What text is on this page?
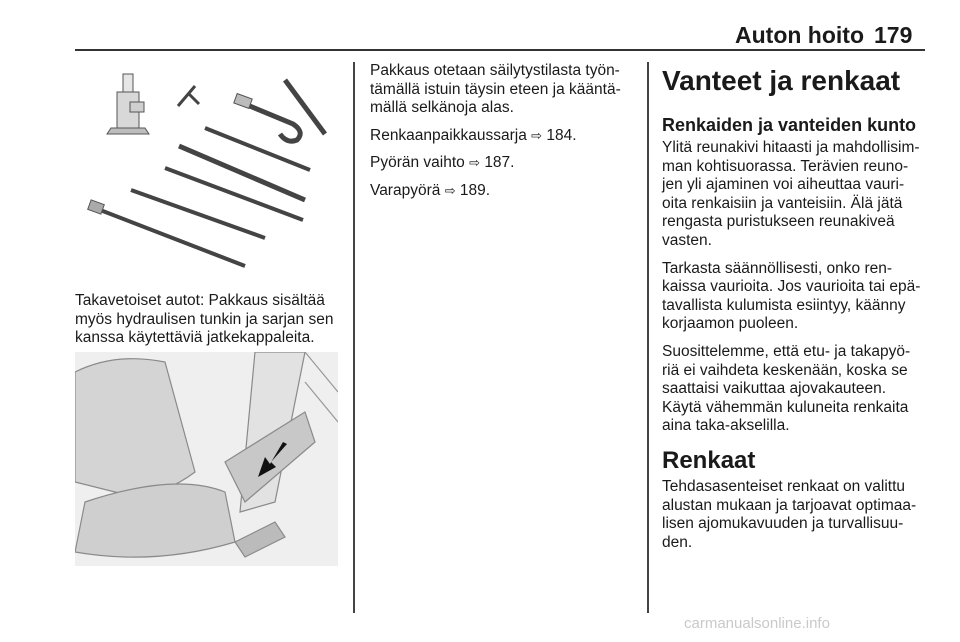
Auton hoito 179

Takavetoiset autot: Pakkaus sisältää myös hydraulisen tunkin ja sarjan sen kanssa käytettäviä jatkekappaleita.

Pakkaus otetaan säilytystilasta työn-tämällä istuin täysin eteen ja kääntä-mällä selkänoja alas.

Renkaanpaikkaussarja ⇨ 184.

Pyörän vaihto ⇨ 187.

Varapyörä ⇨ 189.

Vanteet ja renkaat
Renkaiden ja vanteiden kunto

Ylitä reunakivi hitaasti ja mahdollisim-man kohtisuorassa. Terävien reuno-jen yli ajaminen voi aiheuttaa vauri-oita renkaisiin ja vanteisiin. Älä jätä rengasta puristukseen reunakiveä vasten.

Tarkasta säännöllisesti, onko ren-kaissa vaurioita. Jos vaurioita tai epä-tavallista kulumista esiintyy, käänny korjaamon puoleen.

Suosittelemme, että etu- ja takapyö-riä ei vaihdeta keskenään, koska se saattaisi vaikuttaa ajovakauteen. Käytä vähemmän kuluneita renkaita aina taka-akselilla.

Renkaat

Tehdasasenteiset renkaat on valittu alustan mukaan ja tarjoavat optimaa-lisen ajomukavuuden ja turvallisuu-den.

carmanualsonline.info
